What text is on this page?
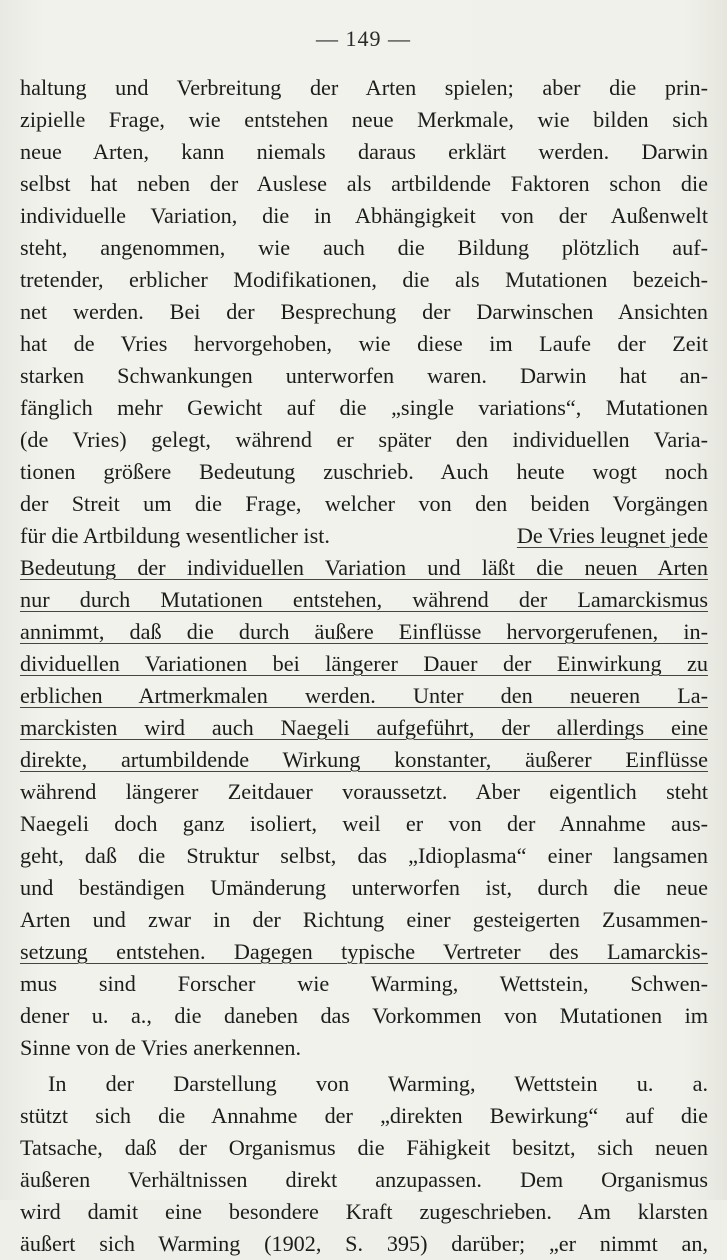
— 149 —
haltung und Verbreitung der Arten spielen; aber die prin-
zipielle Frage, wie entstehen neue Merkmale, wie bilden sich
neue Arten, kann niemals daraus erklärt werden. Darwin
selbst hat neben der Auslese als artbildende Faktoren schon die
individuelle Variation, die in Abhängigkeit von der Außenwelt
steht, angenommen, wie auch die Bildung plötzlich auf-
tretender, erblicher Modifikationen, die als Mutationen bezeich-
net werden. Bei der Besprechung der Darwinschen Ansichten
hat de Vries hervorgehoben, wie diese im Laufe der Zeit
starken Schwankungen unterworfen waren. Darwin hat an-
fänglich mehr Gewicht auf die „single variations“, Mutationen
(de Vries) gelegt, während er später den individuellen Varia-
tionen größere Bedeutung zuschrieb. Auch heute wogt noch
der Streit um die Frage, welcher von den beiden Vorgängen
für die Artbildung wesentlicher ist.	De Vries leugnet jede
Bedeutung der individuellen Variation und läßt die neuen Arten
nur durch Mutationen entstehen, während der Lamarckismus
annimmt, daß die durch äußere Einflüsse hervorgerufenen, in-
dividuellen Variationen bei längerer Dauer der Einwirkung zu
erblichen Artmerkmalen werden. Unter den neueren La-
marckisten wird auch Naegeli aufgeführt, der allerdings eine
direkte, artumbildende Wirkung konstanter, äußerer Einflüsse
während längerer Zeitdauer voraussetzt. Aber eigentlich steht
Naegeli doch ganz isoliert, weil er von der Annahme aus-
geht, daß die Struktur selbst, das „Idioplasma“ einer langsamen
und beständigen Umänderung unterworfen ist, durch die neue
Arten und zwar in der Richtung einer gesteigerten Zusammen-
setzung entstehen. Dagegen typische Vertreter des Lamarckis-
mus sind Forscher wie Warming, Wettstein, Schwen-
dener u. a., die daneben das Vorkommen von Mutationen im
Sinne von de Vries anerkennen.
In der Darstellung von Warming, Wettstein u. a.
stützt sich die Annahme der „direkten Bewirkung“ auf die
Tatsache, daß der Organismus die Fähigkeit besitzt, sich neuen
äußeren Verhältnissen direkt anzupassen. Dem Organismus
wird damit eine besondere Kraft zugeschrieben. Am klarsten
äußert sich Warming (1902, S. 395) darüber; „er nimmt an,
